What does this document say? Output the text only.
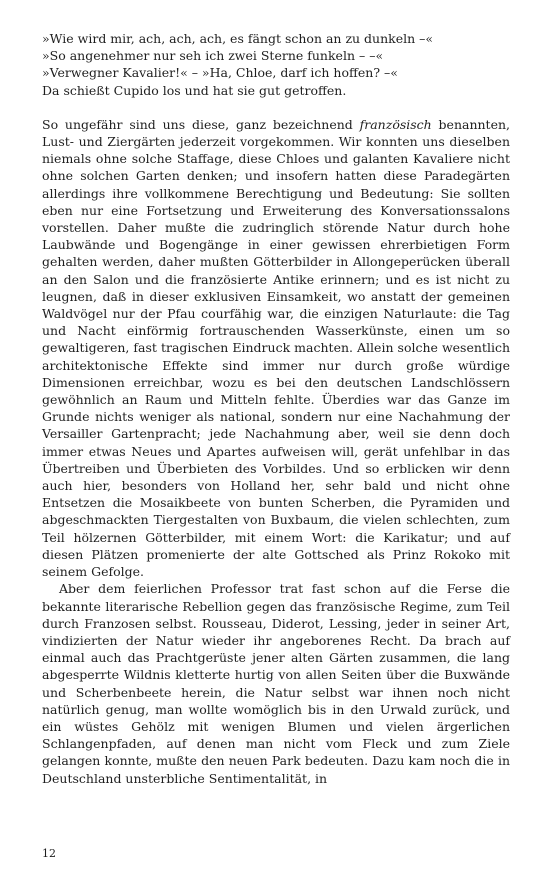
»Wie wird mir, ach, ach, ach, es fängt schon an zu dunkeln –«
»So angenehmer nur seh ich zwei Sterne funkeln – –«
»Verwegner Kavalier!« – »Ha, Chloe, darf ich hoffen? –«
Da schießt Cupido los und hat sie gut getroffen.

So ungefähr sind uns diese, ganz bezeichnend französisch benannten, Lust- und Ziergärten jederzeit vorgekommen. Wir konnten uns dieselben niemals ohne solche Staffage, diese Chloes und galanten Kavaliere nicht ohne solchen Garten denken; und insofern hatten diese Paradegärten allerdings ihre vollkommene Berechtigung und Bedeutung: Sie sollten eben nur eine Fortsetzung und Erweiterung des Konversationssalons vorstellen. Daher mußte die zudringlich störende Natur durch hohe Laubwände und Bogengänge in einer gewissen ehrerbietigen Form gehalten werden, daher mußten Götterbilder in Allongeperücken überall an den Salon und die französierte Antike erinnern; und es ist nicht zu leugnen, daß in dieser exklusiven Einsamkeit, wo anstatt der gemeinen Waldvögel nur der Pfau courfähig war, die einzigen Naturlaute: die Tag und Nacht einförmig fortrauschenden Wasserkünste, einen um so gewaltigeren, fast tragischen Eindruck machten. Allein solche wesentlich architektonische Effekte sind immer nur durch große würdige Dimensionen erreichbar, wozu es bei den deutschen Landschlössern gewöhnlich an Raum und Mitteln fehlte. Überdies war das Ganze im Grunde nichts weniger als national, sondern nur eine Nachahmung der Versailler Gartenpracht; jede Nachahmung aber, weil sie denn doch immer etwas Neues und Apartes aufweisen will, gerät unfehlbar in das Übertreiben und Überbieten des Vorbildes. Und so erblicken wir denn auch hier, besonders von Holland her, sehr bald und nicht ohne Entsetzen die Mosaikbeete von bunten Scherben, die Pyramiden und abgeschmackten Tiergestalten von Buxbaum, die vielen schlechten, zum Teil hölzernen Götterbilder, mit einem Wort: die Karikatur; und auf diesen Plätzen promenierte der alte Gottsched als Prinz Rokoko mit seinem Gefolge.

Aber dem feierlichen Professor trat fast schon auf die Ferse die bekannte literarische Rebellion gegen das französische Regime, zum Teil durch Franzosen selbst. Rousseau, Diderot, Lessing, jeder in seiner Art, vindizierten der Natur wieder ihr angeborenes Recht. Da brach auf einmal auch das Prachtgerüste jener alten Gärten zusammen, die lang abgesperrte Wildnis kletterte hurtig von allen Seiten über die Buxwände und Scherbenbeete herein, die Natur selbst war ihnen noch nicht natürlich genug, man wollte womöglich bis in den Urwald zurück, und ein wüstes Gehölz mit wenigen Blumen und vielen ärgerlichen Schlangenpfaden, auf denen man nicht vom Fleck und zum Ziele gelangen konnte, mußte den neuen Park bedeuten. Dazu kam noch die in Deutschland unsterbliche Sentimentalität, in

12
